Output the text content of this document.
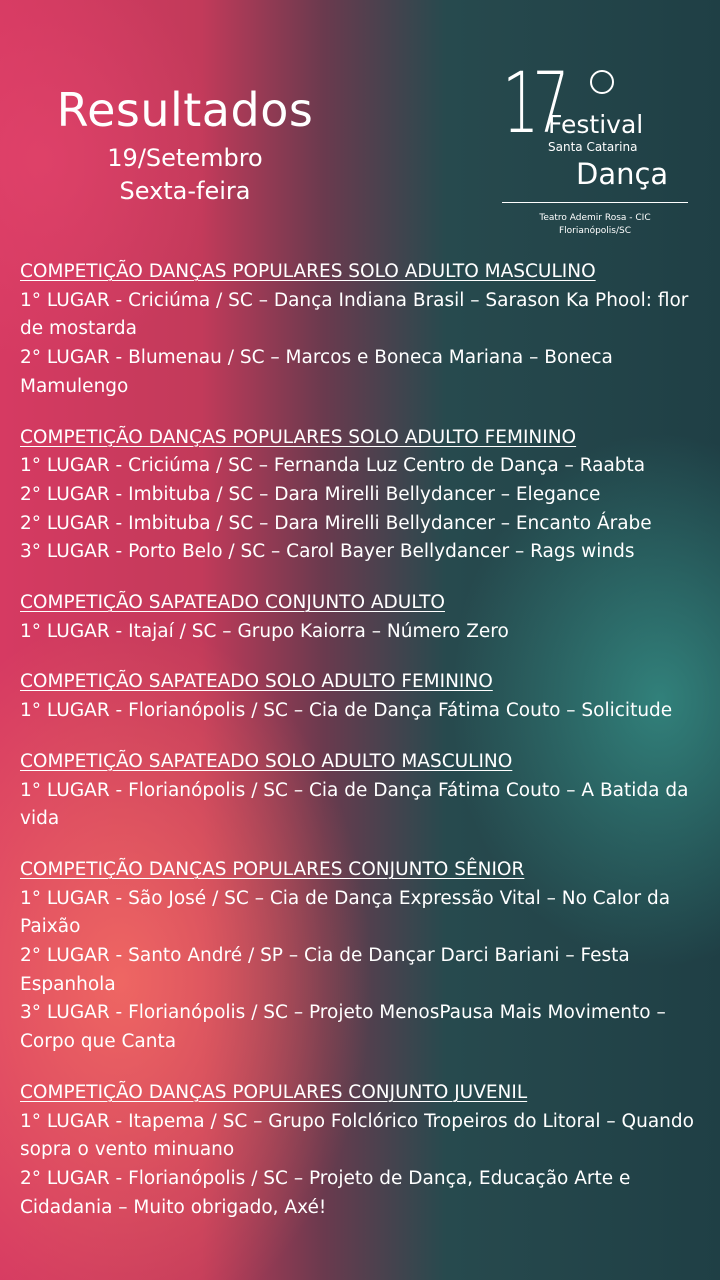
Resultados
19/Setembro
Sexta-feira
17
Festival
Santa Catarina
Dança
Teatro Ademir Rosa - CIC
Florianópolis/SC
COMPETIÇÃO DANÇAS POPULARES SOLO ADULTO MASCULINO
1° LUGAR - Criciúma / SC – Dança Indiana Brasil – Sarason Ka Phool: flor de mostarda
2° LUGAR - Blumenau / SC – Marcos e Boneca Mariana – Boneca Mamulengo
COMPETIÇÃO DANÇAS POPULARES SOLO ADULTO FEMININO
1° LUGAR - Criciúma / SC – Fernanda Luz Centro de Dança – Raabta
2° LUGAR - Imbituba / SC – Dara Mirelli Bellydancer – Elegance
2° LUGAR - Imbituba / SC – Dara Mirelli Bellydancer – Encanto Árabe
3° LUGAR - Porto Belo / SC – Carol Bayer Bellydancer – Rags winds
COMPETIÇÃO SAPATEADO CONJUNTO ADULTO
1° LUGAR - Itajaí / SC – Grupo Kaiorra – Número Zero
COMPETIÇÃO SAPATEADO SOLO ADULTO FEMININO
1° LUGAR - Florianópolis / SC – Cia de Dança Fátima Couto – Solicitude
COMPETIÇÃO SAPATEADO SOLO ADULTO MASCULINO
1° LUGAR - Florianópolis / SC – Cia de Dança Fátima Couto – A Batida da vida
COMPETIÇÃO DANÇAS POPULARES CONJUNTO SÊNIOR
1° LUGAR - São José / SC – Cia de Dança Expressão Vital – No Calor da Paixão
2° LUGAR - Santo André / SP – Cia de Dançar Darci Bariani – Festa Espanhola
3° LUGAR - Florianópolis / SC – Projeto MenosPausa Mais Movimento – Corpo que Canta
COMPETIÇÃO DANÇAS POPULARES CONJUNTO JUVENIL
1° LUGAR - Itapema / SC – Grupo Folclórico Tropeiros do Litoral – Quando sopra o vento minuano
2° LUGAR - Florianópolis / SC – Projeto de Dança, Educação Arte e Cidadania – Muito obrigado, Axé!
